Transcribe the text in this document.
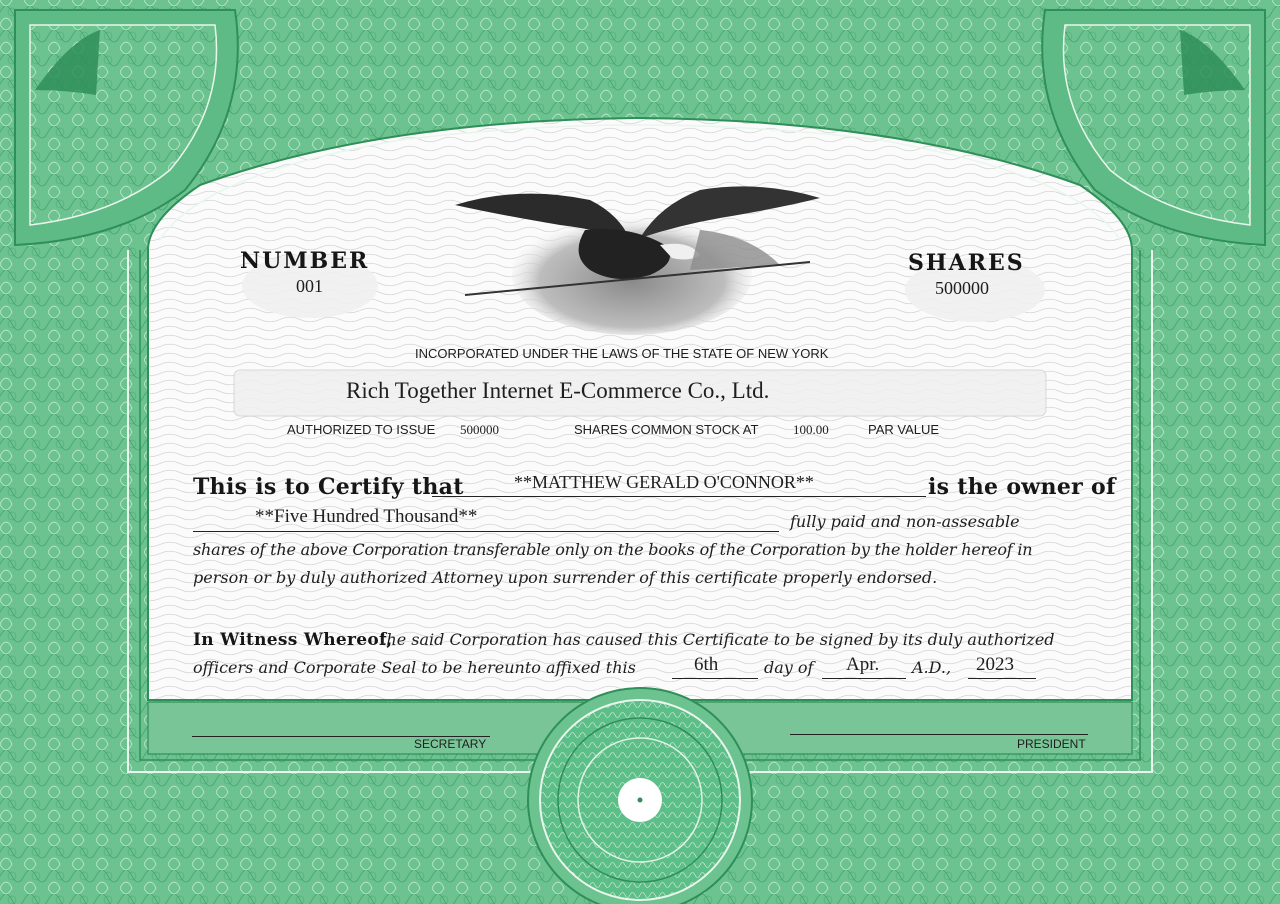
NUMBER
001
SHARES
500000
INCORPORATED UNDER THE LAWS OF THE STATE OF NEW YORK
Rich Together Internet E-Commerce Co., Ltd.
AUTHORIZED TO ISSUE 500000	SHARES COMMON STOCK AT	100.00	PAR VALUE
This is to Certify that	**MATTHEW GERALD O'CONNOR**	is the owner of
**Five Hundred Thousand**	fully paid and non-assesable
shares of the above Corporation transferable only on the books of the Corporation by the holder hereof in
person or by duly authorized Attorney upon surrender of this certificate properly endorsed.
In Witness Whereof,
the said Corporation has caused this Certificate to be signed by its duly authorized
officers and Corporate Seal to be hereunto affixed this	6th	day of Apr. A.D., 2023
SECRETARY	PRESIDENT
